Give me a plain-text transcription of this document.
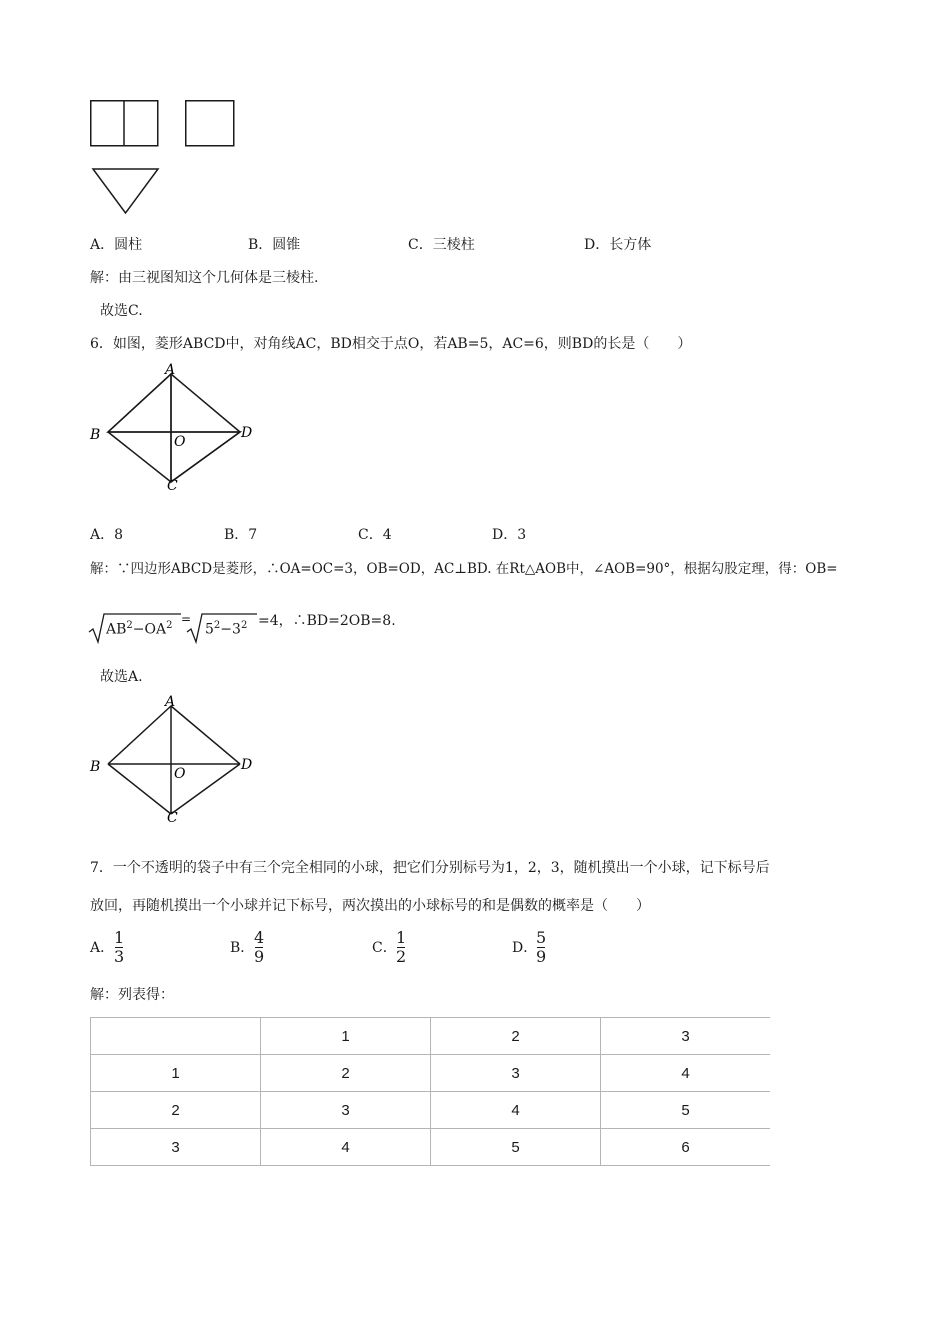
A．圆柱	B．圆锥	C．三棱柱	D．长方体
解：由三视图知这个几何体是三棱柱.
故选C.
6．如图，菱形ABCD中，对角线AC，BD相交于点O，若AB=5，AC=6，则BD的长是（　　）
A
B	D
C
O
A．8	B．7	C．4	D．3
解：∵四边形ABCD是菱形，∴OA=OC=3，OB=OD，AC⊥BD. 在Rt△AOB中，∠AOB=90°，根据勾股定理，得：OB=
$AB^2-OA^2$ =
$5^2-3^2 =4$，∴BD=2OB=8.
故选A.
A
B	D
C
O
7．一个不透明的袋子中有三个完全相同的小球，把它们分别标号为1，2，3，随机摸出一个小球，记下标号后
放回，再随机摸出一个小球并记下标号，两次摸出的小球标号的和是偶数的概率是（　　）
A．
1
3	B．
4
9	C．
1
2	D．
5
9
解：列表得：
	1	2	3
1	2	3	4
2	3	4	5
3	4	5	6
